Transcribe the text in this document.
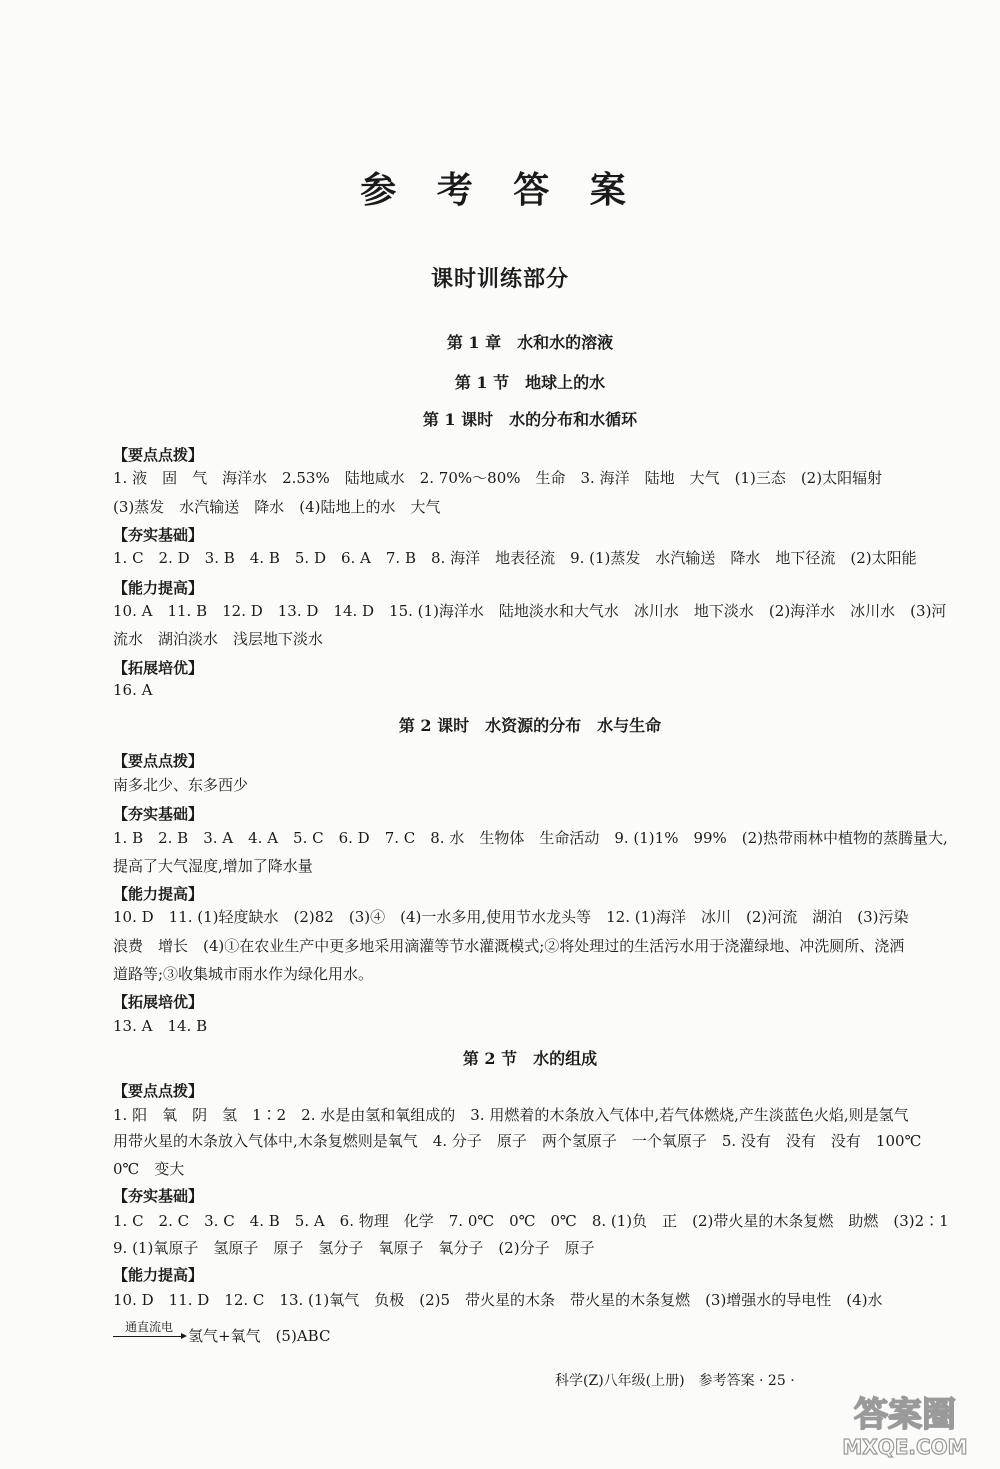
参 考 答 案
课时训练部分
第 1 章　水和水的溶液
第 1 节　地球上的水
第 1 课时　水的分布和水循环
【要点点拨】
1. 液　固　气　海洋水　2.53%　陆地咸水　2. 70%～80%　生命　3. 海洋　陆地　大气　(1)三态　(2)太阳辐射
(3)蒸发　水汽输送　降水　(4)陆地上的水　大气
【夯实基础】
1. C　2. D　3. B　4. B　5. D　6. A　7. B　8. 海洋　地表径流　9. (1)蒸发　水汽输送　降水　地下径流　(2)太阳能
【能力提高】
10. A　11. B　12. D　13. D　14. D　15. (1)海洋水　陆地淡水和大气水　冰川水　地下淡水　(2)海洋水　冰川水　(3)河
流水　湖泊淡水　浅层地下淡水
【拓展培优】
16. A
第 2 课时　水资源的分布　水与生命
【要点点拨】
南多北少、东多西少
【夯实基础】
1. B　2. B　3. A　4. A　5. C　6. D　7. C　8. 水　生物体　生命活动　9. (1)1%　99%　(2)热带雨林中植物的蒸腾量大,
提高了大气湿度,增加了降水量
【能力提高】
10. D　11. (1)轻度缺水　(2)82　(3)④　(4)一水多用,使用节水龙头等　12. (1)海洋　冰川　(2)河流　湖泊　(3)污染
浪费　增长　(4)①在农业生产中更多地采用滴灌等节水灌溉模式;②将处理过的生活污水用于浇灌绿地、冲洗厕所、浇洒
道路等;③收集城市雨水作为绿化用水。
【拓展培优】
13. A　14. B
第 2 节　水的组成
【要点点拨】
1. 阳　氧　阴　氢　1∶2　2. 水是由氢和氧组成的　3. 用燃着的木条放入气体中,若气体燃烧,产生淡蓝色火焰,则是氢气
用带火星的木条放入气体中,木条复燃则是氧气　4. 分子　原子　两个氢原子　一个氧原子　5. 没有　没有　没有　100℃
0℃　变大
【夯实基础】
1. C　2. C　3. C　4. B　5. A　6. 物理　化学　7. 0℃　0℃　0℃　8. (1)负　正　(2)带火星的木条复燃　助燃　(3)2∶1
9. (1)氧原子　氢原子　原子　氢分子　氧原子　氧分子　(2)分子　原子
【能力提高】
10. D　11. D　12. C　13. (1)氧气　负极　(2)5　带火星的木条　带火星的木条复燃　(3)增强水的导电性　(4)水
通直流电	氢气+氧气　(5)ABC
科学(Z)八年级(上册)　参考答案 · 25 ·
答案圈
MXQE.COM
